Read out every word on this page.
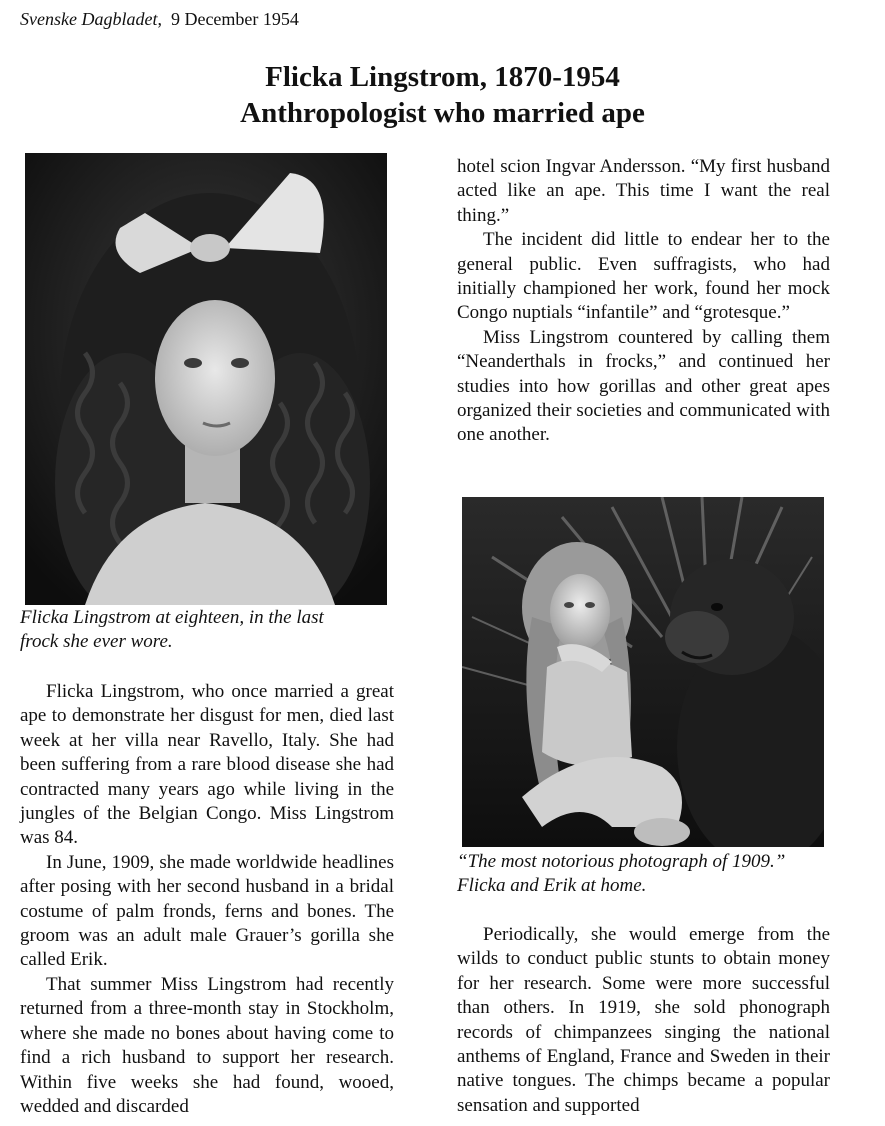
Svenske Dagbladet,  9 December 1954
Flicka Lingstrom, 1870-1954
Anthropologist who married ape
Flicka Lingstrom at eighteen, in the last
frock she ever wore.

Flicka Lingstrom, who once married a great ape to demonstrate her disgust for men, died last week at her villa near Ravello, Italy. She had been suffering from a rare blood disease she had contracted many years ago while living in the jungles of the Belgian Congo. Miss Lingstrom was 84.

In June, 1909, she made worldwide headlines after posing with her second husband in a bridal costume of palm fronds, ferns and bones. The groom was an adult male Grauer’s gorilla she called Erik.

That summer Miss Lingstrom had recently returned from a three-month stay in Stockholm, where she made no bones about having come to find a rich husband to support her research. Within five weeks she had found, wooed, wedded and discarded

hotel scion Ingvar Andersson. “My first husband acted like an ape. This time I want the real thing.”

The incident did little to endear her to the general public. Even suffragists, who had initially championed her work, found her mock Congo nuptials “infantile” and “grotesque.”

Miss Lingstrom countered by calling them “Neanderthals in frocks,” and continued her studies into how gorillas and other great apes organized their societies and communicated with one another.

“The most notorious photograph of 1909.”
Flicka and Erik at home.

Periodically, she would emerge from the wilds to conduct public stunts to obtain money for her research. Some were more successful than others. In 1919, she sold phonograph records of chimpanzees singing the national anthems of England, France and Sweden in their native tongues. The chimps became a popular sensation and supported
